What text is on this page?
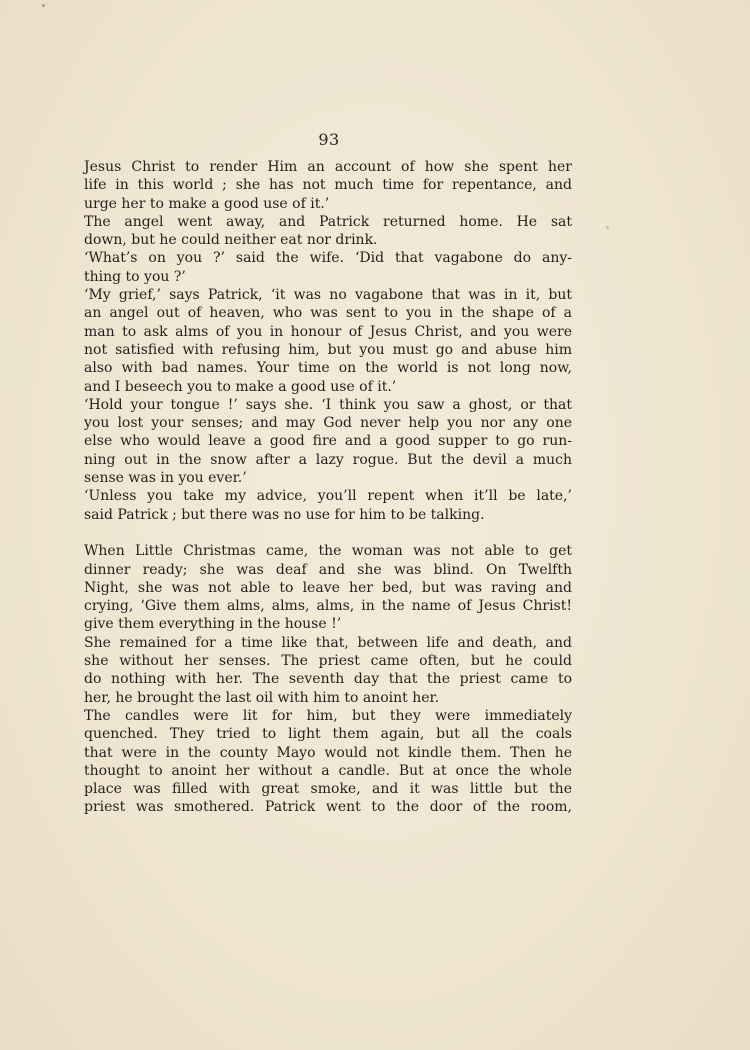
93
Jesus Christ to render Him an account of how she spent her
life in this world ; she has not much time for repentance, and
urge her to make a good use of it.’
The angel went away, and Patrick returned home. He sat
down, but he could neither eat nor drink.
‘What’s on you ?’ said the wife. ‘Did that vagabone do any-
thing to you ?’
‘My grief,’ says Patrick, ‘it was no vagabone that was in it, but
an angel out of heaven, who was sent to you in the shape of a
man to ask alms of you in honour of Jesus Christ, and you were
not satisfied with refusing him, but you must go and abuse him
also with bad names. Your time on the world is not long now,
and I beseech you to make a good use of it.’
‘Hold your tongue !’ says she. ‘I think you saw a ghost, or that
you lost your senses; and may God never help you nor any one
else who would leave a good fire and a good supper to go run-
ning out in the snow after a lazy rogue. But the devil a much
sense was in you ever.’
‘Unless you take my advice, you’ll repent when it’ll be late,’
said Patrick ; but there was no use for him to be talking.
When Little Christmas came, the woman was not able to get
dinner ready; she was deaf and she was blind. On Twelfth
Night, she was not able to leave her bed, but was raving and
crying, ‘Give them alms, alms, alms, in the name of Jesus Christ!
give them everything in the house !’
She remained for a time like that, between life and death, and
she without her senses. The priest came often, but he could
do nothing with her. The seventh day that the priest came to
her, he brought the last oil with him to anoint her.
The candles were lit for him, but they were immediately
quenched. They tried to light them again, but all the coals
that were in the county Mayo would not kindle them. Then he
thought to anoint her without a candle. But at once the whole
place was filled with great smoke, and it was little but the
priest was smothered. Patrick went to the door of the room,
